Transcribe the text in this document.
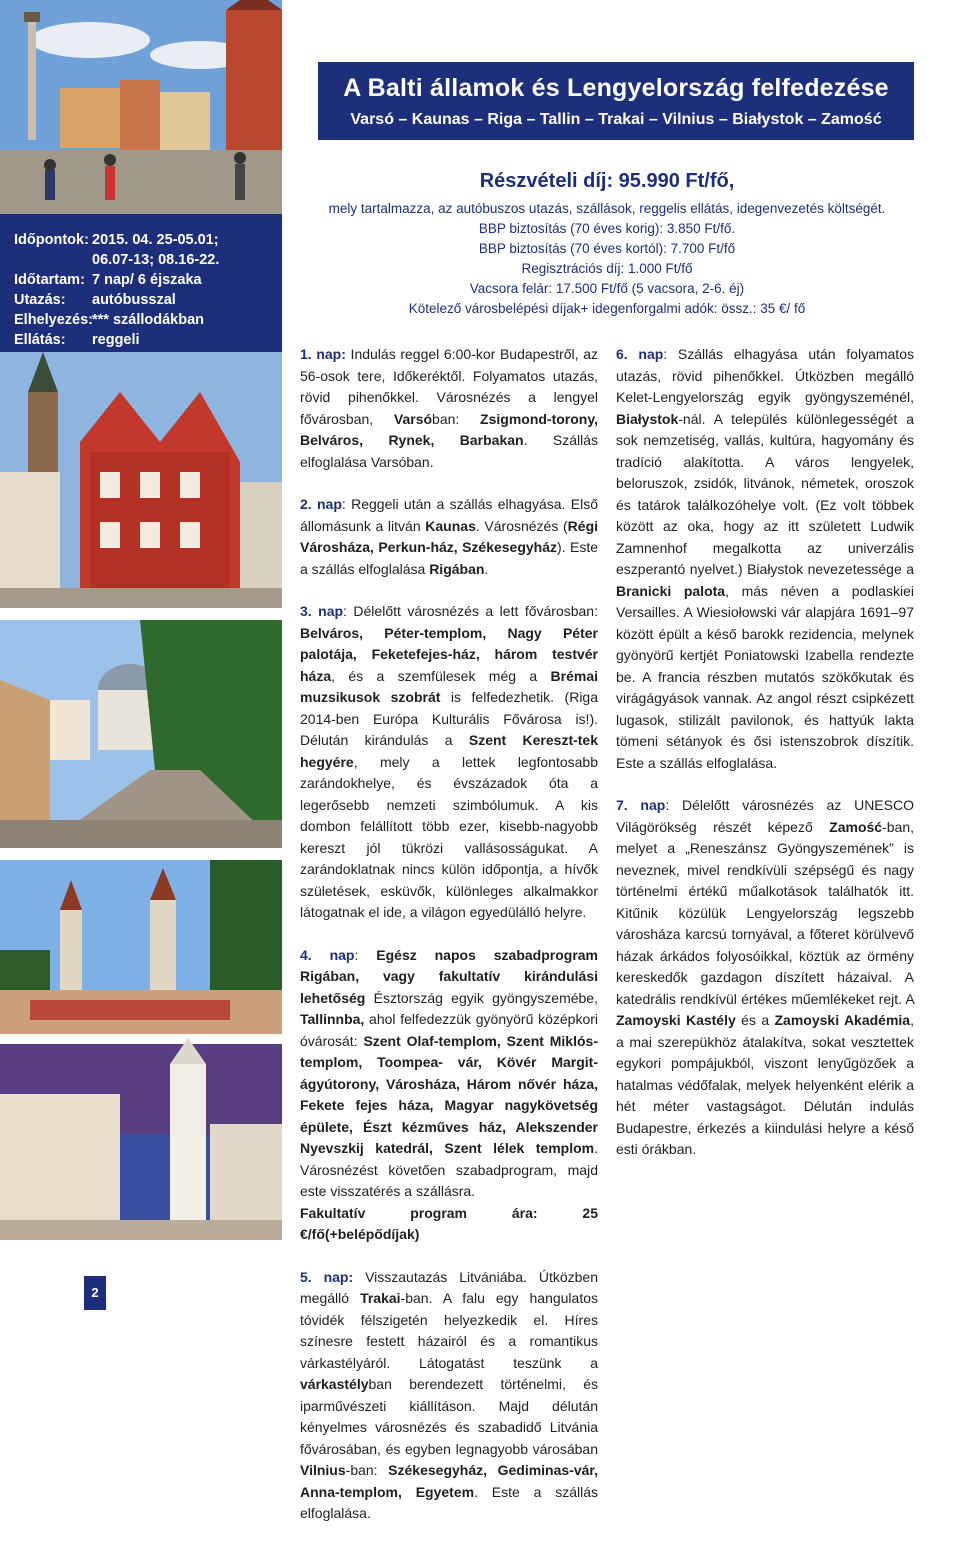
A Balti államok és Lengyelország felfedezése
Varsó – Kaunas – Riga – Tallin – Trakai – Vilnius – Białystok – Zamość
Időpontok: 2015. 04. 25-05.01;
06.07-13; 08.16-22.
Időtartam: 7 nap/ 6 éjszaka
Utazás:	autóbusszal
Elhelyezés: *** szállodákban
Ellátás:	reggeli
Részvételi díj: 95.990 Ft/fő,
mely tartalmazza, az autóbuszos utazás, szállások, reggelis ellátás, idegenvezetés költségét.
BBP biztosítás (70 éves korig): 3.850 Ft/fő.
BBP biztosítás (70 éves kortól): 7.700 Ft/fő
Regisztrációs díj: 1.000 Ft/fő
Vacsora felár: 17.500 Ft/fő (5 vacsora, 2-6. éj)
Kötelező városbelépési díjak+ idegenforgalmi adók: össz.: 35 €/ fő

1. nap: Indulás reggel 6:00-kor Budapestről, az 56-osok tere, Időkeréktől. Folyamatos utazás, rövid pihenőkkel. Városnézés a lengyel fővárosban, Varsóban: Zsigmond-torony, Belváros, Rynek, Barbakan. Szállás elfoglalása Varsóban.

2. nap: Reggeli után a szállás elhagyása. Első állomásunk a litván Kaunas. Városnézés (Régi Városháza, Perkun-ház, Székesegyház). Este a szállás elfoglalása Rigában.

3. nap: Délelőtt városnézés a lett fővárosban: Belváros, Péter-templom, Nagy Péter palotája, Feketefejes-ház, három testvér háza, és a szemfülesek még a Brémai muzsikusok szobrát is felfedezhetik. (Riga 2014-ben Európa Kulturális Fővárosa is!). Délután kirándulás a Szent Kereszt-tek hegyére, mely a lettek legfontosabb zarándokhelye, és évszázadok óta a legerősebb nemzeti szimbólumuk. A kis dombon felállított több ezer, kisebb-nagyobb kereszt jól tükrözi vallásosságukat. A zarándoklatnak nincs külön időpontja, a hívők születések, esküvők, különleges alkalmakkor látogatnak el ide, a világon egyedülálló helyre.

4. nap: Egész napos szabadprogram Rigában, vagy fakultatív kirándulási lehetőség Észtország egyik gyöngyszemébe, Tallinnba, ahol felfedezzük gyönyörű középkori óvárosát: Szent Olaf-templom, Szent Miklós-templom, Toompea- vár, Kövér Margit-ágyútorony, Városháza, Három nővér háza, Fekete fejes háza, Magyar nagykövetség épülete, Észt kézműves ház, Alekszender Nyevszkij katedrál, Szent lélek templom. Városnézést követően szabadprogram, majd este visszatérés a szállásra.
Fakultatív program ára: 25 €/fő(+belépődíjak)

5. nap: Visszautazás Litvániába. Útközben megálló Trakai-ban. A falu egy hangulatos tóvidék félszigetén helyezkedik el. Híres színesre festett házairól és a romantikus várkastélyáról. Látogatást teszünk a várkastélyban berendezett történelmi, és iparművészeti kiállításon. Majd délután kényelmes városnézés és szabadidő Litvánia fővárosában, és egyben legnagyobb városában Vilnius-ban: Székesegyház, Gediminas-vár, Anna-templom, Egyetem. Este a szállás elfoglalása.

6. nap: Szállás elhagyása után folyamatos utazás, rövid pihenőkkel. Útközben megálló Kelet-Lengyelország egyik gyöngyszeménél, Białystok-nál. A település különlegességét a sok nemzetiség, vallás, kultúra, hagyomány és tradíció alakította. A város lengyelek, beloruszok, zsidók, litvánok, németek, oroszok és tatárok találkozóhelye volt. (Ez volt többek között az oka, hogy az itt született Ludwik Zamnenhof megalkotta az univerzális eszperantó nyelvet.) Białystok nevezetessége a Branicki palota, más néven a podlaskiei Versailles. A Wiesiołowski vár alapjára 1691–97 között épült a késő barokk rezidencia, melynek gyönyörű kertjét Poniatowski Izabella rendezte be. A francia részben mutatós szökőkutak és virágágyások vannak. Az angol részt csipkézett lugasok, stilizált pavilonok, és hattyúk lakta tömeni sétányok és ősi istenszobrok díszítik. Este a szállás elfoglalása.

7. nap: Délelőtt városnézés az UNESCO Világörökség részét képező Zamość-ban, melyet a „Reneszánsz Gyöngyszemének” is neveznek, mivel rendkívüli szépségű és nagy történelmi értékű műalkotások találhatók itt. Kitűnik közülük Lengyelország legszebb városháza karcsú tornyával, a főteret körülvevő házak árkádos folyosóikkal, köztük az örmény kereskedők gazdagon díszített házaival. A katedrális rendkívül értékes műemlékeket rejt. A Zamoyski Kastély és a Zamoyski Akadémia, a mai szerepükhöz átalakítva, sokat vesztettek egykori pompájukból, viszont lenyűgözőek a hatalmas védőfalak, melyek helyenként elérik a hét méter vastagságot. Délután indulás Budapestre, érkezés a kiindulási helyre a késő esti órákban.

2
